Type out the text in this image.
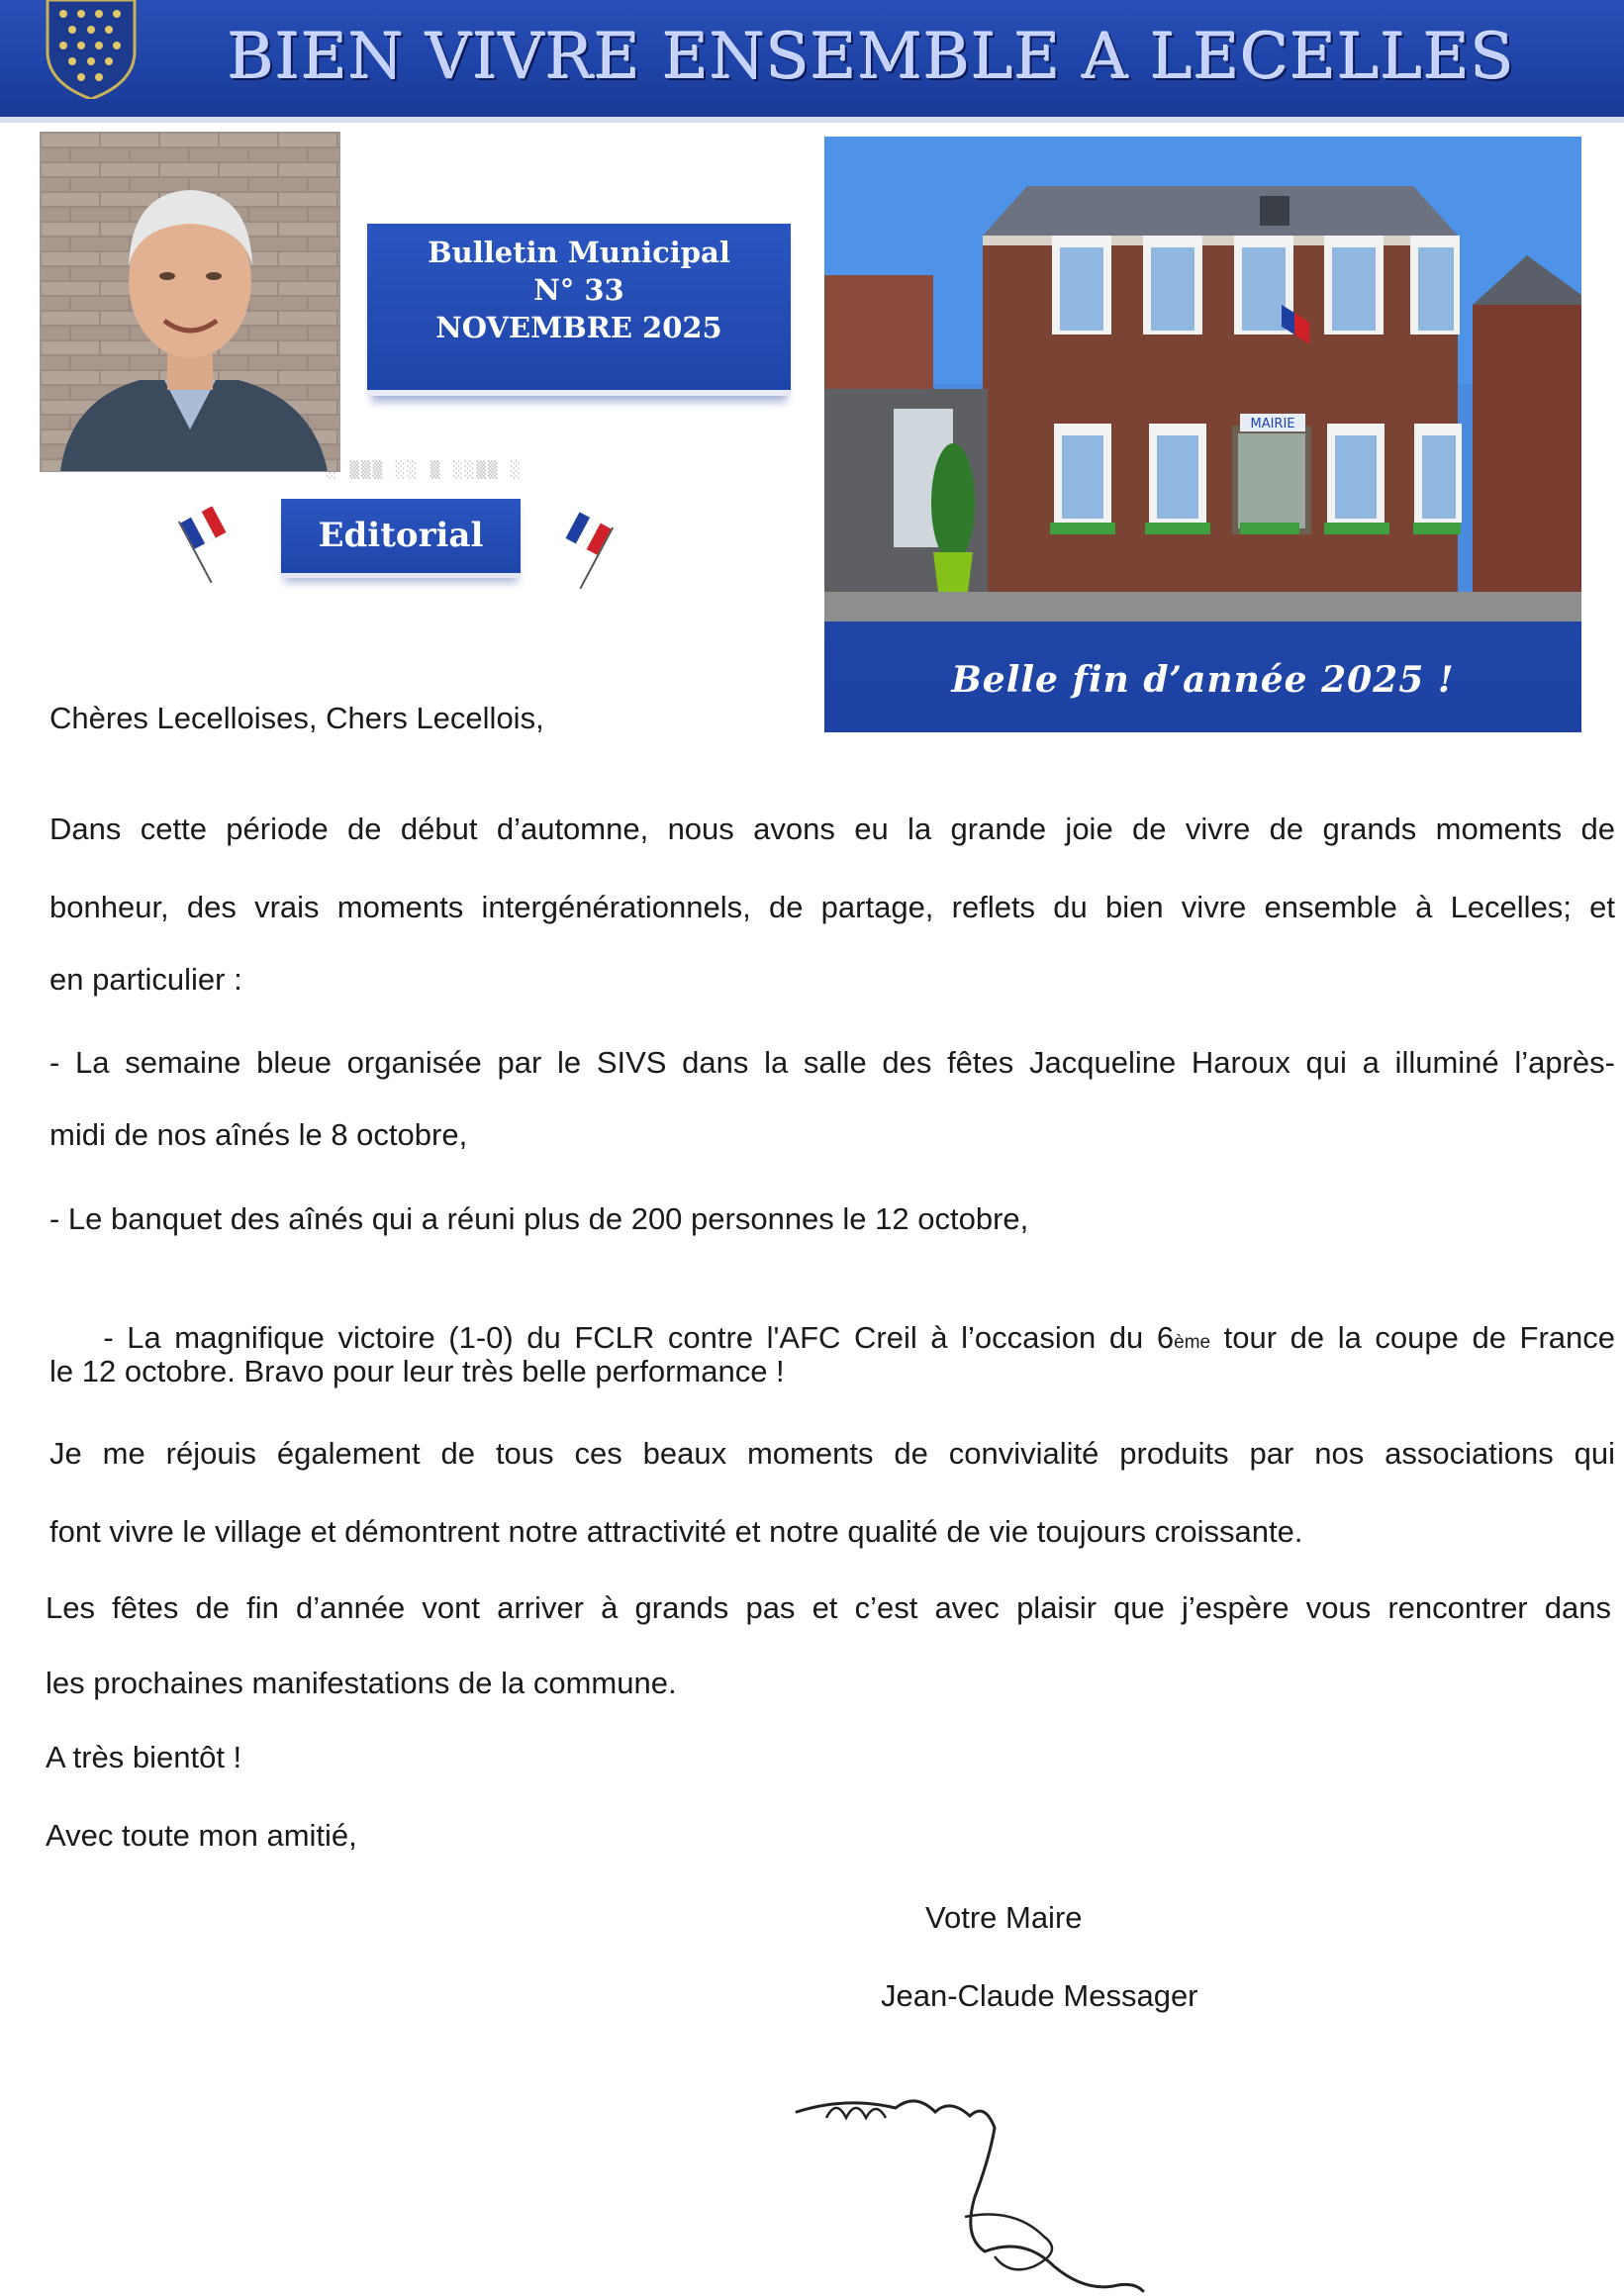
BIEN VIVRE ENSEMBLE A LECELLES
Bulletin Municipal
N° 33
NOVEMBRE 2025
Editorial
MAIRIE
Belle fin d’année 2025 !
░ ▒▒▒ ░░ ▒ ░░▒▒ ░
Chères Lecelloises, Chers Lecellois,
Dans cette période de début d’automne, nous avons eu la grande joie de vivre de grands moments de
bonheur, des vrais moments intergénérationnels, de partage, reflets du bien vivre ensemble à Lecelles; et
en particulier :
- La semaine bleue organisée par le SIVS dans la salle des fêtes Jacqueline Haroux qui a illuminé l’après-
midi de nos aînés le 8 octobre,
- Le banquet des aînés qui a réuni plus de 200 personnes le 12 octobre,

- La magnifique victoire (1-0) du FCLR contre l'AFC Creil à l’occasion du 6ème tour de la coupe de France

le 12 octobre. Bravo pour leur très belle performance !
Je me réjouis également de tous ces beaux moments de convivialité produits par nos associations qui
font vivre le village et démontrent notre attractivité et notre qualité de vie toujours croissante.
Les fêtes de fin d’année vont arriver à grands pas et c’est avec plaisir que j’espère vous rencontrer dans
les prochaines manifestations de la commune.
A très bientôt !
Avec toute mon amitié,
Votre Maire
Jean-Claude Messager
